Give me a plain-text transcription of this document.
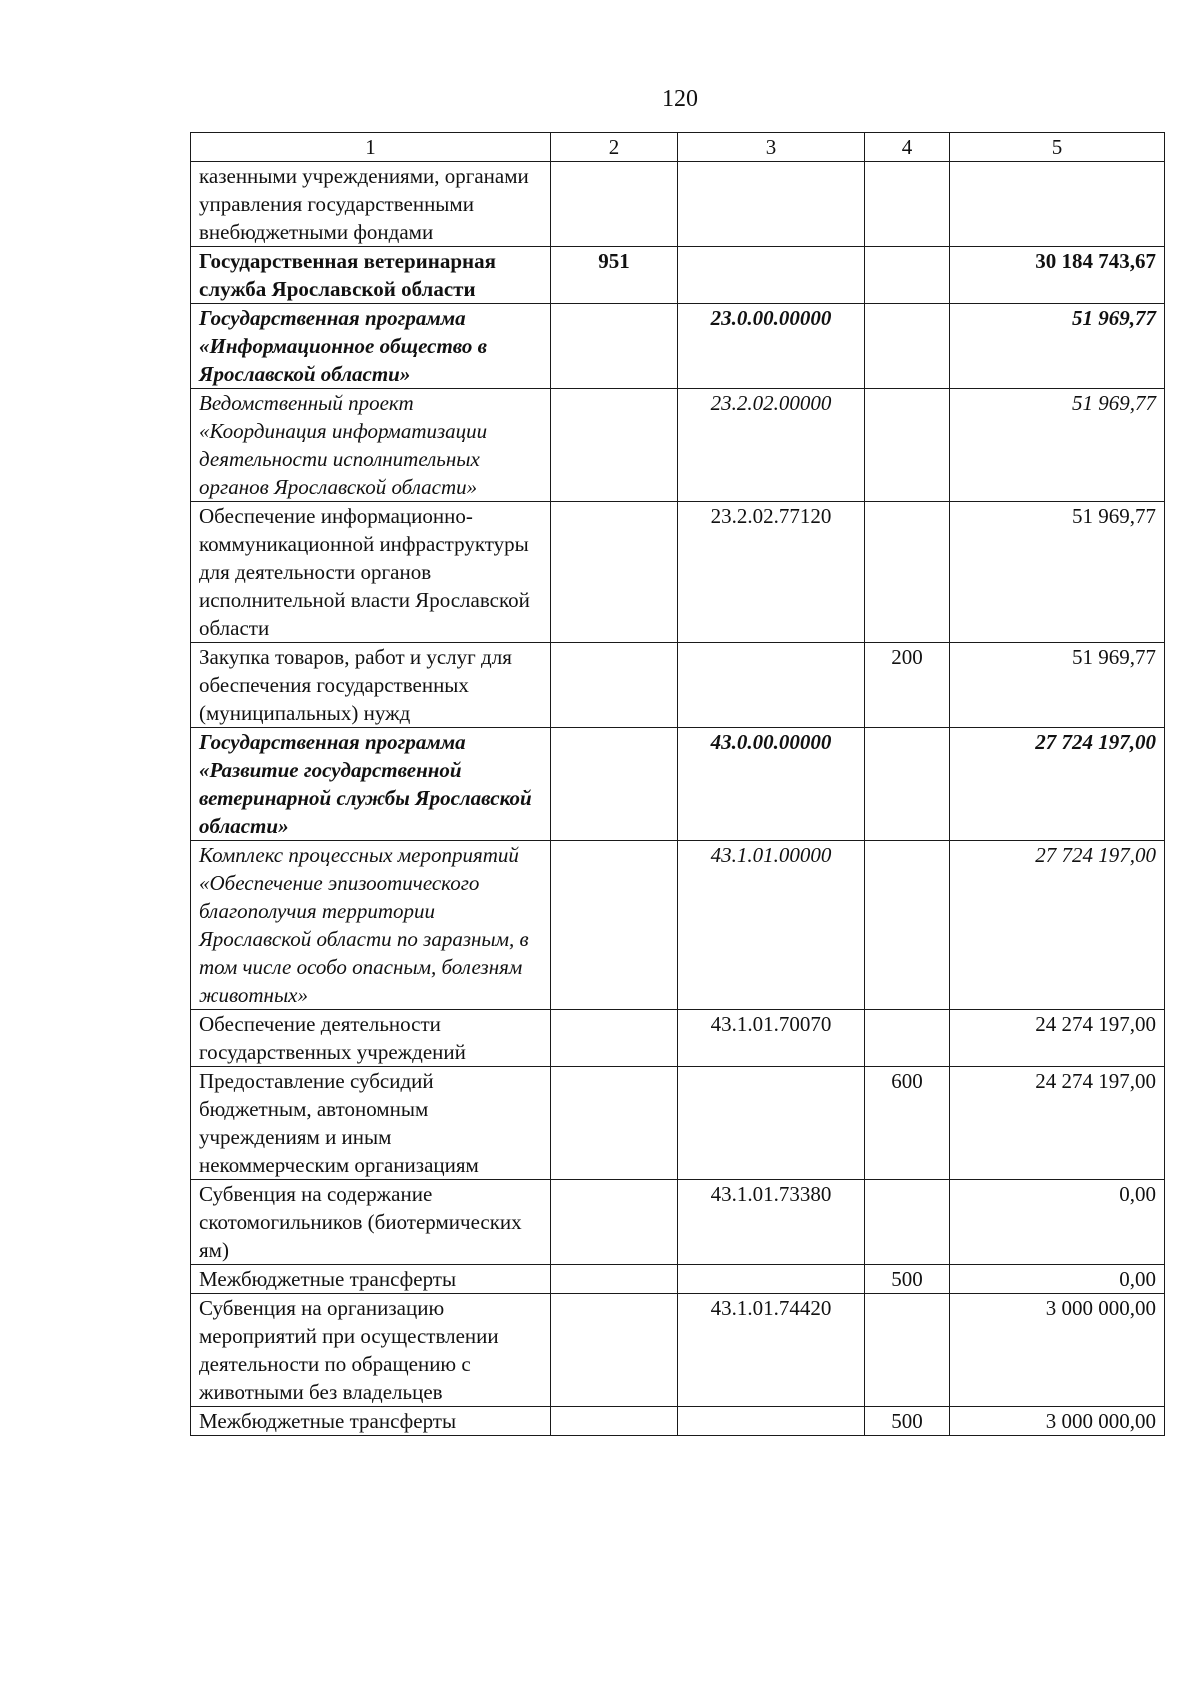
120
1	2	3	4	5
казенными учреждениями, органами управления государственными внебюджетными фондами				
Государственная ветеринарная служба Ярославской области	951			30 184 743,67
Государственная программа «Информационное общество в Ярославской области»		23.0.00.00000		51 969,77
Ведомственный проект «Координация информатизации деятельности исполнительных органов Ярославской области»		23.2.02.00000		51 969,77
Обеспечение информационно-коммуникационной инфраструктуры для деятельности органов исполнительной власти Ярославской области		23.2.02.77120		51 969,77
Закупка товаров, работ и услуг для обеспечения государственных (муниципальных) нужд			200	51 969,77
Государственная программа «Развитие государственной ветеринарной службы Ярославской области»		43.0.00.00000		27 724 197,00
Комплекс процессных мероприятий «Обеспечение эпизоотического благополучия территории Ярославской области по заразным, в том числе особо опасным, болезням животных»		43.1.01.00000		27 724 197,00
Обеспечение деятельности государственных учреждений		43.1.01.70070		24 274 197,00
Предоставление субсидий бюджетным, автономным учреждениям и иным некоммерческим организациям			600	24 274 197,00
Субвенция на содержание скотомогильников (биотермических ям)		43.1.01.73380		0,00
Межбюджетные трансферты			500	0,00
Субвенция на организацию мероприятий при осуществлении деятельности по обращению с животными без владельцев		43.1.01.74420		3 000 000,00
Межбюджетные трансферты			500	3 000 000,00
